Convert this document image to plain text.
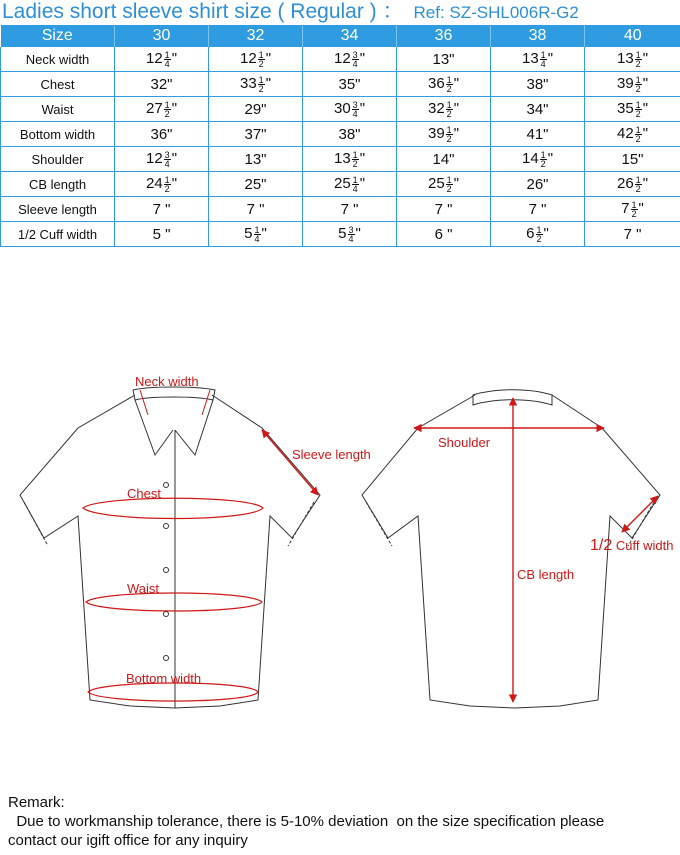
Ladies short sleeve shirt size ( Regular ) ： Ref: SZ-SHL006R-G2
Size	30	32	34	36	38	40
Neck width	$12 \frac{1}{4}$ "	$12 \frac{1}{2}$ "	$12 \frac{3}{4}$ "	13"	$13 \frac{1}{4}$ "	$13 \frac{1}{2}$ "
Chest	32"	$33 \frac{1}{2}$ "	35"	$36 \frac{1}{2}$ "	38"	$39 \frac{1}{2}$ "
Waist	$27 \frac{1}{2}$ "	29"	$30 \frac{3}{4}$ "	$32 \frac{1}{2}$ "	34"	$35 \frac{1}{2}$ "
Bottom width	36"	37"	38"	$39 \frac{1}{2}$ "	41"	$42 \frac{1}{2}$ "
Shoulder	$12 \frac{3}{4}$ "	13"	$13 \frac{1}{2}$ "	14"	$14 \frac{1}{2}$ "	15"
CB length	$24 \frac{1}{2}$ "	25"	$25 \frac{1}{4}$ "	$25 \frac{1}{2}$ "	26"	$26 \frac{1}{2}$ "
Sleeve length	7 "	7 "	7 "	7 "	7 "	$7 \frac{1}{2}$ "
1/2 Cuff width	5 "	$5 \frac{1}{4}$ "	$5 \frac{3}{4}$ "	6 "	$6 \frac{1}{2}$ "	7 "
Neck width
Sleeve length
Chest
Waist
Bottom width
Shoulder
CB length
1/2 Cuff width

Remark:

Due to workmanship tolerance, there is 5-10% deviation  on the size specification please

contact our igift office for any inquiry
